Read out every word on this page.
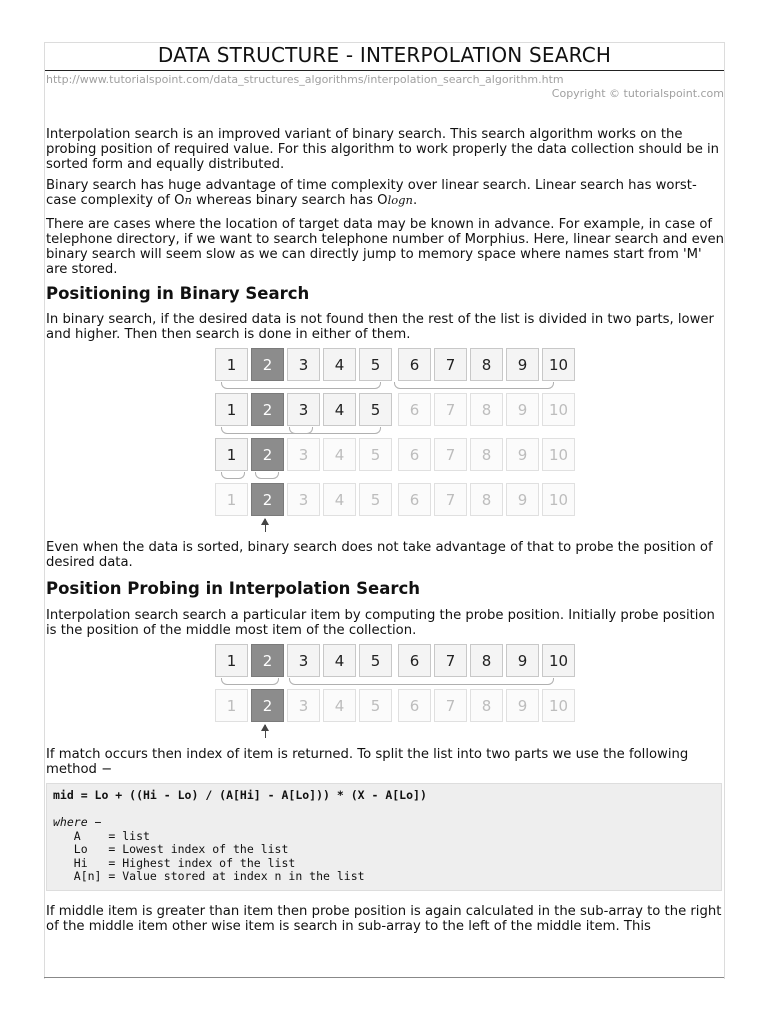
DATA STRUCTURE - INTERPOLATION SEARCH
http://www.tutorialspoint.com/data_structures_algorithms/interpolation_search_algorithm.htm
Copyright © tutorialspoint.com

Interpolation search is an improved variant of binary search. This search algorithm works on the probing position of required value. For this algorithm to work properly the data collection should be in sorted form and equally distributed.

Binary search has huge advantage of time complexity over linear search. Linear search has worst-case complexity of On whereas binary search has Ologn.

There are cases where the location of target data may be known in advance. For example, in case of telephone directory, if we want to search telephone number of Morphius. Here, linear search and even binary search will seem slow as we can directly jump to memory space where names start from 'M' are stored.

Positioning in Binary Search

In binary search, if the desired data is not found then the rest of the list is divided in two parts, lower and higher. Then then search is done in either of them.

1	2	3	4	5	6	7	8	9	10
1	2	3	4	5	6	7	8	9	10
1	2	3	4	5	6	7	8	9	10
1	2	3	4	5	6	7	8	9	10

Even when the data is sorted, binary search does not take advantage of that to probe the position of desired data.

Position Probing in Interpolation Search

Interpolation search search a particular item by computing the probe position. Initially probe position is the position of the middle most item of the collection.

1	2	3	4	5	6	7	8	9	10
1	2	3	4	5	6	7	8	9	10

If match occurs then index of item is returned. To split the list into two parts we use the following method −

mid = Lo + ((Hi - Lo) / (A[Hi] - A[Lo])) * (X - A[Lo])

where −
A    = list
Lo   = Lowest index of the list
Hi   = Highest index of the list
A[n] = Value stored at index n in the list

If middle item is greater than item then probe position is again calculated in the sub-array to the right of the middle item other wise item is search in sub-array to the left of the middle item. This
